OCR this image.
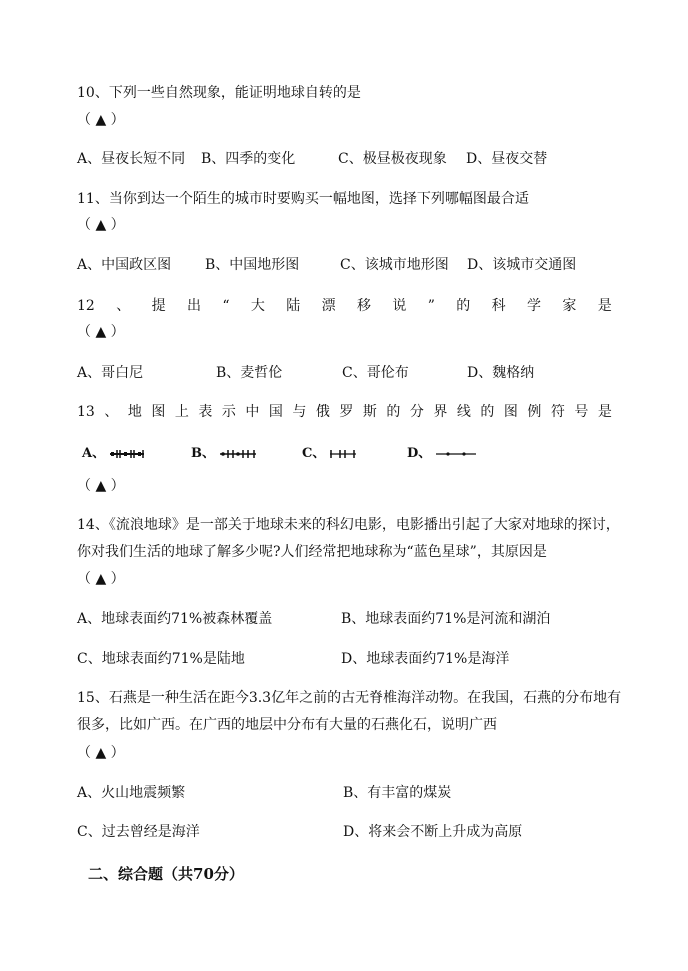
10、下列一些自然现象，能证明地球自转的是
（ ▲ ）
A、昼夜长短不同 B、四季的变化	C、极昼极夜现象 D、昼夜交替
11、当你到达一个陌生的城市时要购买一幅地图，选择下列哪幅图最合适
（ ▲ ）
A、中国政区图 B、中国地形图	C、该城市地形图 D、该城市交通图
12 、 提 出 “ 大 陆 漂 移 说 ” 的 科 学 家 是
（ ▲ ）
A、哥白尼	B、麦哲伦	C、哥伦布	D、魏格纳
13 、 地 图 上 表 示 中 国 与 俄 罗 斯 的 分 界 线 的 图 例 符 号 是
A、	B、	C、	D、
（ ▲ ）
14、《流浪地球》是一部关于地球未来的科幻电影，电影播出引起了大家对地球的探讨，
你对我们生活的地球了解多少呢?人们经常把地球称为“蓝色星球”，其原因是
（ ▲ ）
A、地球表面约71%被森林覆盖	B、地球表面约71%是河流和湖泊
C、地球表面约71%是陆地	D、地球表面约71%是海洋
15、石燕是一种生活在距今3.3亿年之前的古无脊椎海洋动物。在我国，石燕的分布地有
很多，比如广西。在广西的地层中分布有大量的石燕化石，说明广西
（ ▲ ）
A、火山地震频繁	B、有丰富的煤炭
C、过去曾经是海洋	D、将来会不断上升成为高原
二、综合题（共70分）
